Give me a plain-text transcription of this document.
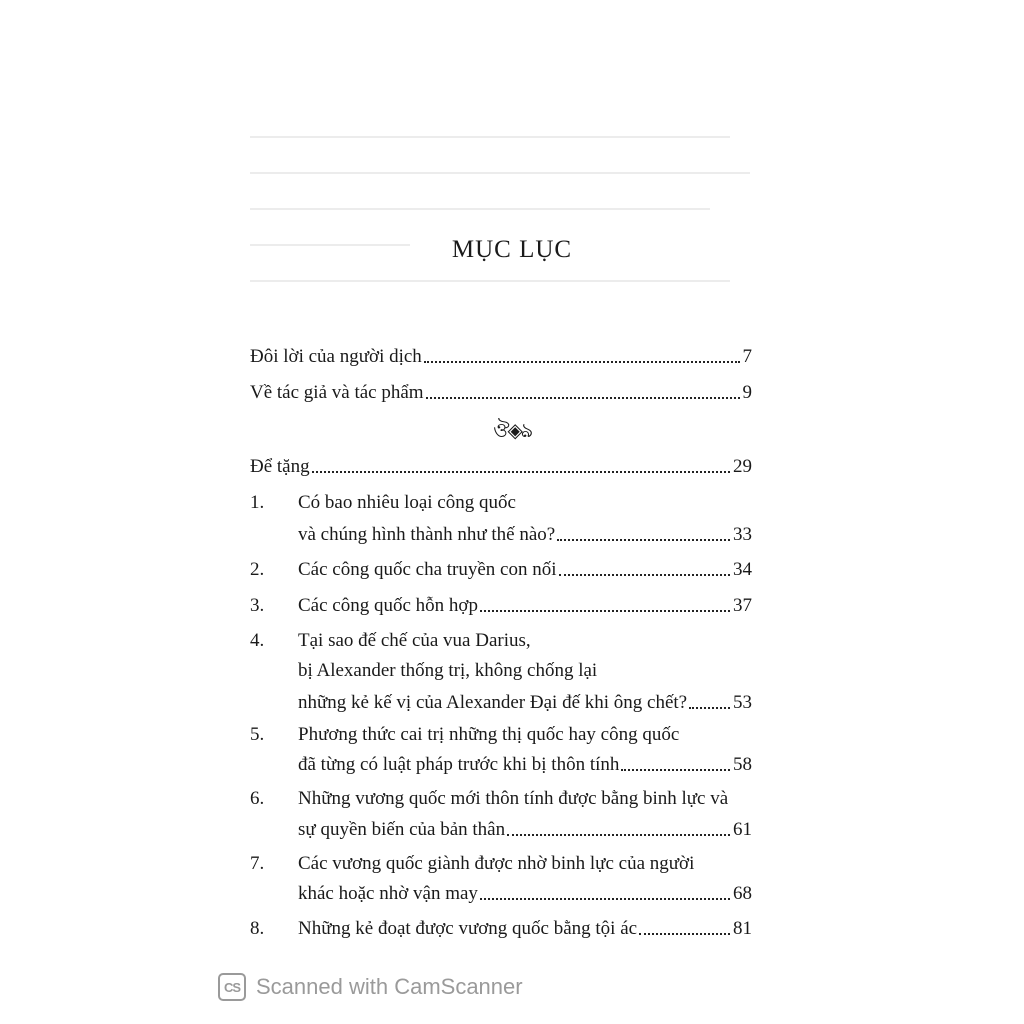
MỤC LỤC
Đôi lời của người dịch	7
Về tác giả và tác phẩm	9
ঔ◈ঌ
Để tặng	29
1. Có bao nhiêu loại công quốc
và chúng hình thành như thế nào?	33
2. Các công quốc cha truyền con nối	34
3. Các công quốc hỗn hợp	37
4. Tại sao đế chế của vua Darius,
bị Alexander thống trị, không chống lại
những kẻ kế vị của Alexander Đại đế khi ông chết? 53
5. Phương thức cai trị những thị quốc hay công quốc
đã từng có luật pháp trước khi bị thôn tính	58
6. Những vương quốc mới thôn tính được bằng binh lực và
sự quyền biến của bản thân	61
7. Các vương quốc giành được nhờ binh lực của người
khác hoặc nhờ vận may	68
8. Những kẻ đoạt được vương quốc bằng tội ác	81
CS Scanned with CamScanner
